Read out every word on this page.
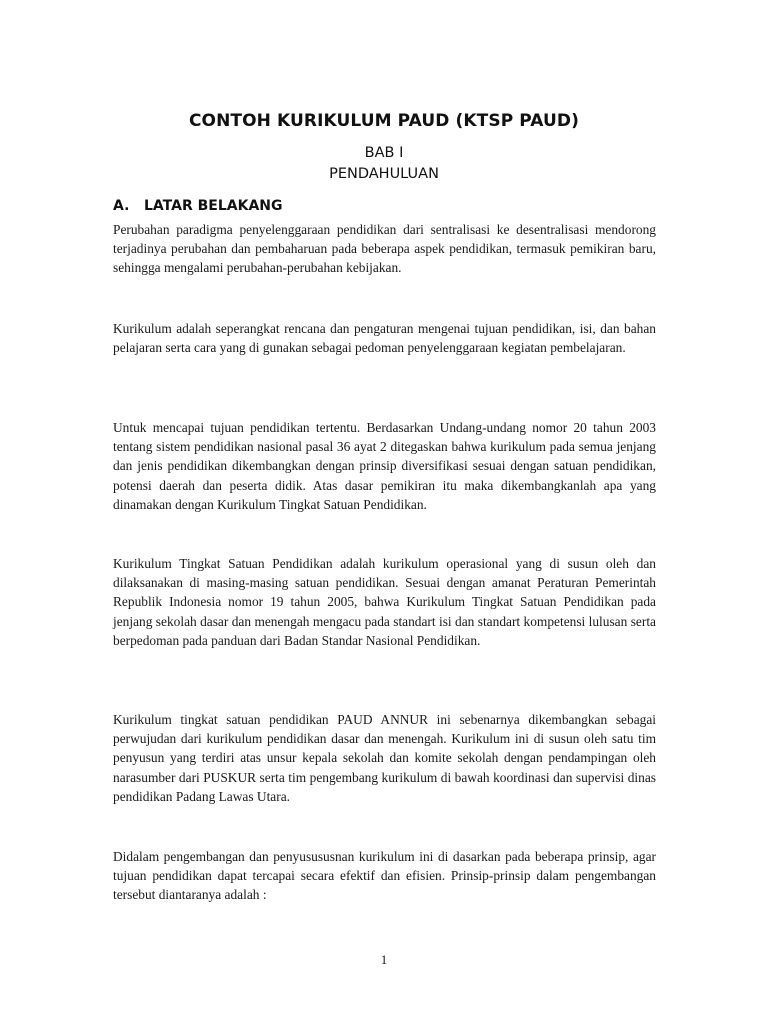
CONTOH KURIKULUM PAUD (KTSP PAUD)
BAB I
PENDAHULUAN
A. LATAR BELAKANG

Perubahan paradigma penyelenggaraan pendidikan dari sentralisasi ke desentralisasi mendorong terjadinya perubahan dan pembaharuan pada beberapa aspek pendidikan, termasuk pemikiran baru, sehingga mengalami perubahan-perubahan kebijakan.

Kurikulum adalah seperangkat rencana dan pengaturan mengenai tujuan pendidikan, isi, dan bahan pelajaran serta cara yang di gunakan sebagai pedoman penyelenggaraan kegiatan pembelajaran.

Untuk mencapai tujuan pendidikan tertentu. Berdasarkan Undang-undang nomor 20 tahun 2003 tentang sistem pendidikan nasional pasal 36 ayat 2 ditegaskan bahwa kurikulum pada semua jenjang dan jenis pendidikan dikembangkan dengan prinsip diversifikasi sesuai dengan satuan pendidikan, potensi daerah dan peserta didik. Atas dasar pemikiran itu maka dikembangkanlah apa yang dinamakan dengan Kurikulum Tingkat Satuan Pendidikan.

Kurikulum Tingkat Satuan Pendidikan adalah kurikulum operasional yang di susun oleh dan dilaksanakan di masing-masing satuan pendidikan. Sesuai dengan amanat Peraturan Pemerintah Republik Indonesia nomor 19 tahun 2005, bahwa Kurikulum Tingkat Satuan Pendidikan pada jenjang sekolah dasar dan menengah mengacu pada standart isi dan standart kompetensi lulusan serta berpedoman pada panduan dari Badan Standar Nasional Pendidikan.

Kurikulum tingkat satuan pendidikan PAUD ANNUR ini sebenarnya dikembangkan sebagai perwujudan dari kurikulum pendidikan dasar dan menengah. Kurikulum ini di susun oleh satu tim penyusun yang terdiri atas unsur kepala sekolah dan komite sekolah dengan pendampingan oleh narasumber dari PUSKUR serta tim pengembang kurikulum di bawah koordinasi dan supervisi dinas pendidikan Padang Lawas Utara.

Didalam pengembangan dan penyusususnan kurikulum ini di dasarkan pada beberapa prinsip, agar tujuan pendidikan dapat tercapai secara efektif dan efisien. Prinsip-prinsip dalam pengembangan tersebut diantaranya adalah :

1
